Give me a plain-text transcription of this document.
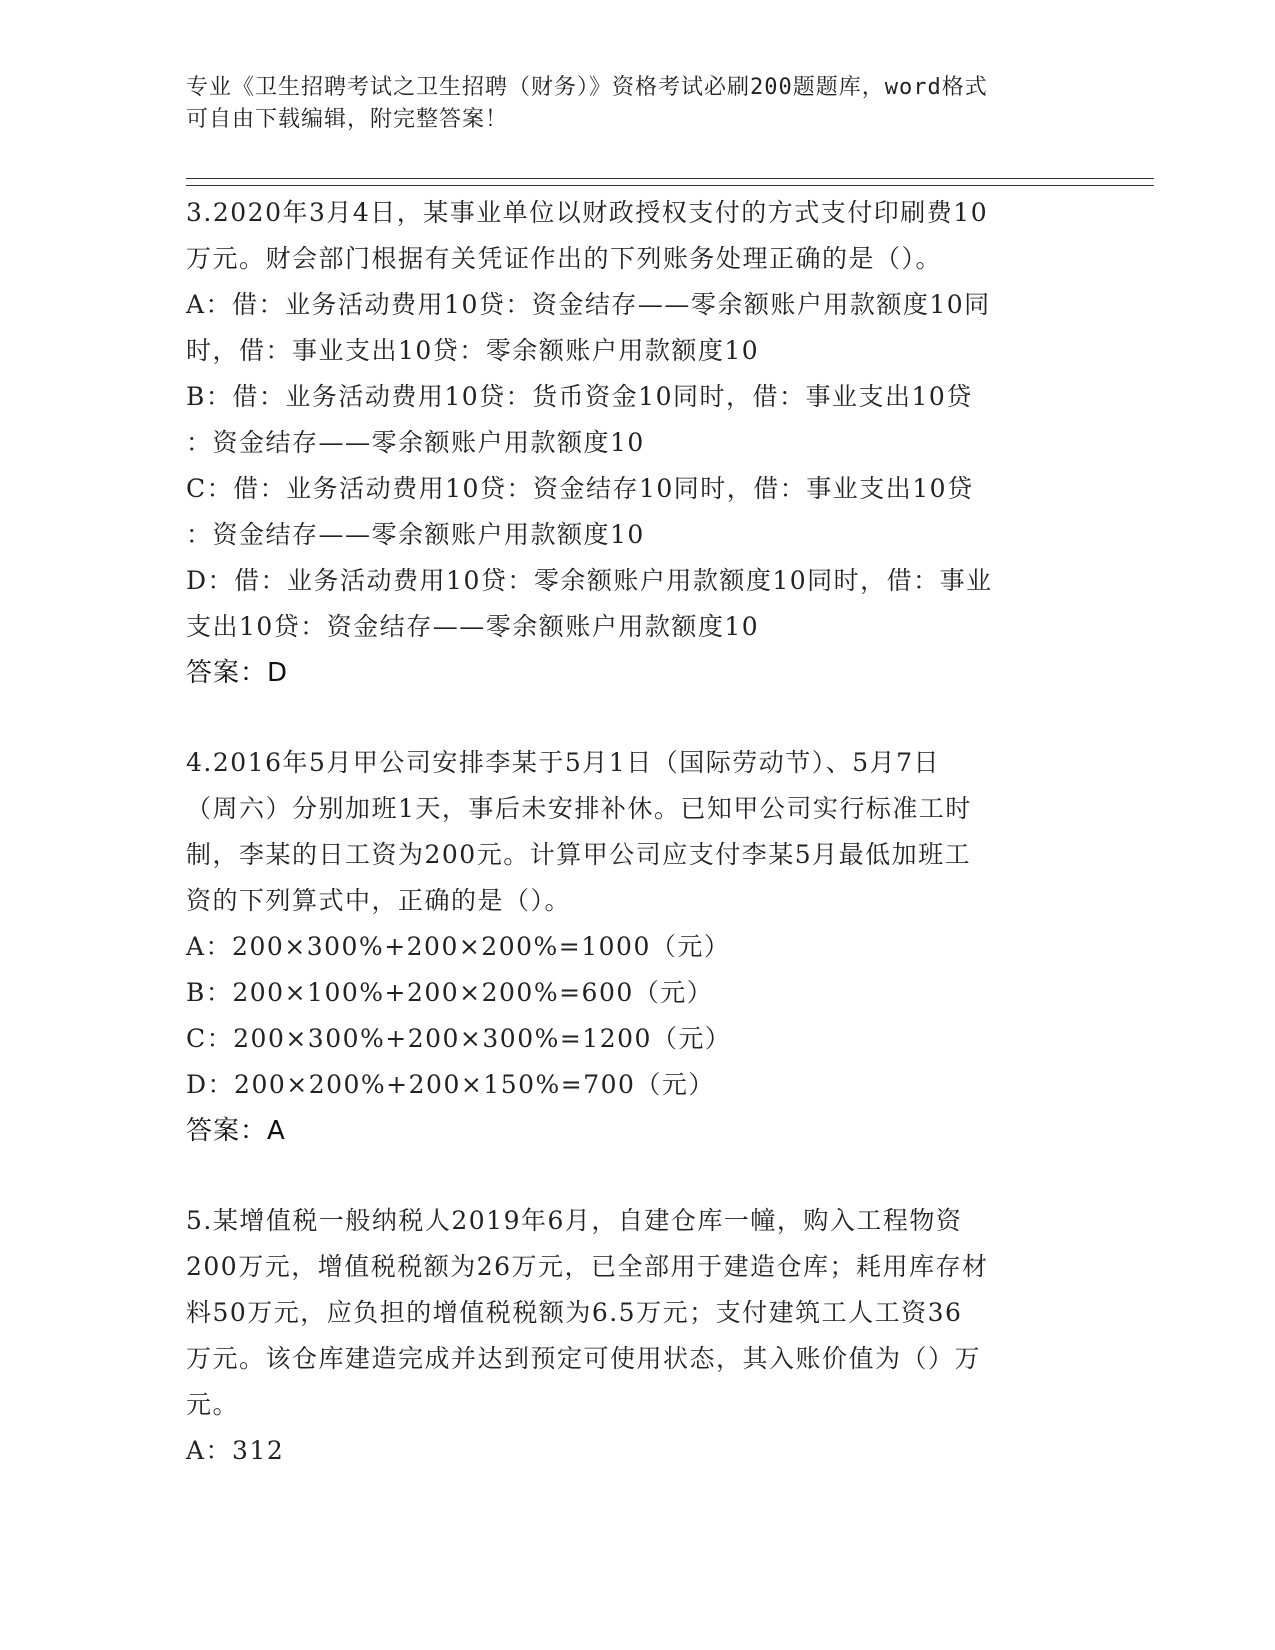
专业《卫生招聘考试之卫生招聘（财务）》资格考试必刷200题题库，word格式
可自由下载编辑，附完整答案！
3.2020年3月4日，某事业单位以财政授权支付的方式支付印刷费10
万元。财会部门根据有关凭证作出的下列账务处理正确的是（）。
A：借：业务活动费用10贷：资金结存——零余额账户用款额度10同
时，借：事业支出10贷：零余额账户用款额度10
B：借：业务活动费用10贷：货币资金10同时，借：事业支出10贷
：资金结存——零余额账户用款额度10
C：借：业务活动费用10贷：资金结存10同时，借：事业支出10贷
：资金结存——零余额账户用款额度10
D：借：业务活动费用10贷：零余额账户用款额度10同时，借：事业
支出10贷：资金结存——零余额账户用款额度10
答案：D
4.2016年5月甲公司安排李某于5月1日（国际劳动节）、5月7日
（周六）分别加班1天，事后未安排补休。已知甲公司实行标准工时
制，李某的日工资为200元。计算甲公司应支付李某5月最低加班工
资的下列算式中，正确的是（）。
A：200×300%+200×200%=1000（元）
B：200×100%+200×200%=600（元）
C：200×300%+200×300%=1200（元）
D：200×200%+200×150%=700（元）
答案：A
5.某增值税一般纳税人2019年6月，自建仓库一幢，购入工程物资
200万元，增值税税额为26万元，已全部用于建造仓库；耗用库存材
料50万元，应负担的增值税税额为6.5万元；支付建筑工人工资36
万元。该仓库建造完成并达到预定可使用状态，其入账价值为（）万
元。
A：312
